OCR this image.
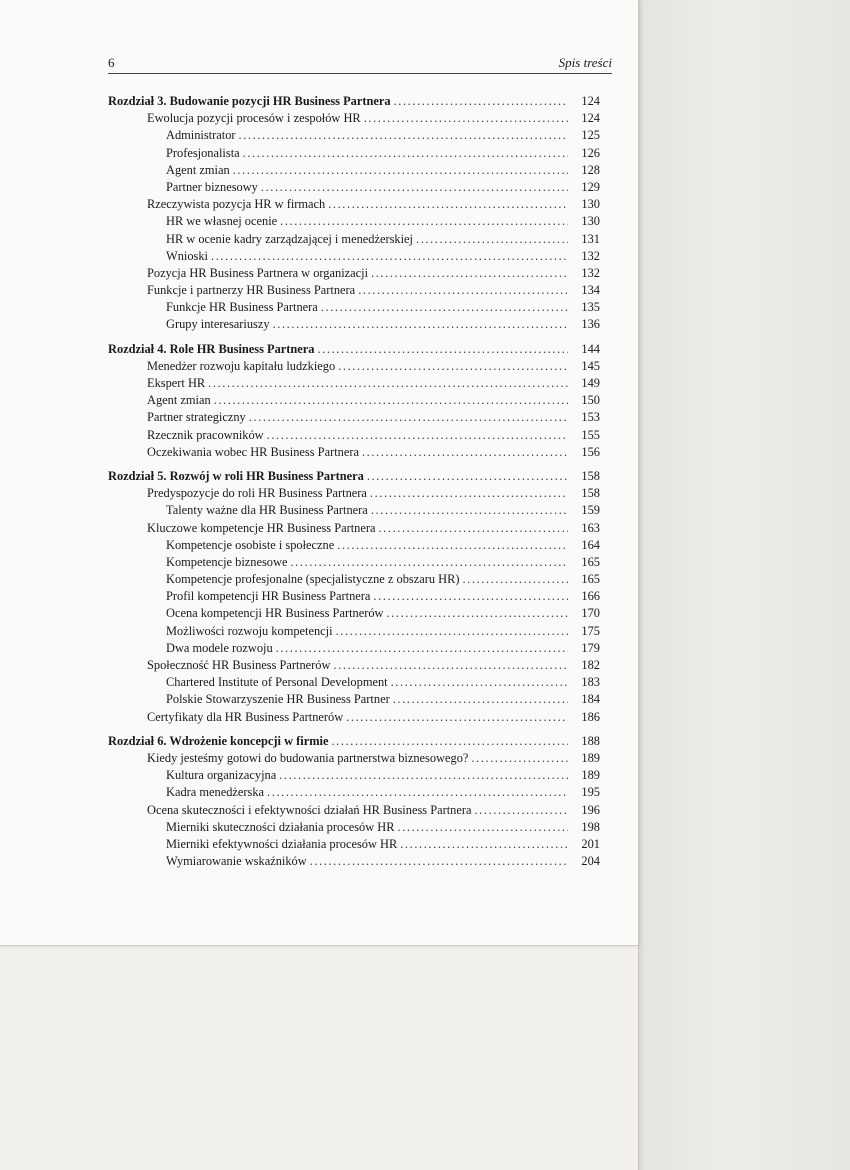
6	Spis treści
Rozdział 3. Budowanie pozycji HR Business Partnera .....	124
Ewolucja pozycji procesów i zespołów HR .....	124
Administrator .....	125
Profesjonalista .....	126
Agent zmian .....	128
Partner biznesowy .....	129
Rzeczywista pozycja HR w firmach .....	130
HR we własnej ocenie .....	130
HR w ocenie kadry zarządzającej i menedżerskiej .....	131
Wnioski .....	132
Pozycja HR Business Partnera w organizacji .....	132
Funkcje i partnerzy HR Business Partnera .....	134
Funkcje HR Business Partnera .....	135
Grupy interesariuszy .....	136
Rozdział 4. Role HR Business Partnera .....	144
Menedżer rozwoju kapitału ludzkiego .....	145
Ekspert HR .....	149
Agent zmian .....	150
Partner strategiczny .....	153
Rzecznik pracowników .....	155
Oczekiwania wobec HR Business Partnera .....	156
Rozdział 5. Rozwój w roli HR Business Partnera .....	158
Predyspozycje do roli HR Business Partnera .....	158
Talenty ważne dla HR Business Partnera .....	159
Kluczowe kompetencje HR Business Partnera .....	163
Kompetencje osobiste i społeczne .....	164
Kompetencje biznesowe .....	165
Kompetencje profesjonalne (specjalistyczne z obszaru HR) .....	165
Profil kompetencji HR Business Partnera .....	166
Ocena kompetencji HR Business Partnerów .....	170
Możliwości rozwoju kompetencji .....	175
Dwa modele rozwoju .....	179
Społeczność HR Business Partnerów .....	182
Chartered Institute of Personal Development .....	183
Polskie Stowarzyszenie HR Business Partner .....	184
Certyfikaty dla HR Business Partnerów .....	186
Rozdział 6. Wdrożenie koncepcji w firmie .....	188
Kiedy jesteśmy gotowi do budowania partnerstwa biznesowego? .....	189
Kultura organizacyjna .....	189
Kadra menedżerska .....	195
Ocena skuteczności i efektywności działań HR Business Partnera .....	196
Mierniki skuteczności działania procesów HR .....	198
Mierniki efektywności działania procesów HR .....	201
Wymiarowanie wskaźników .....	204
